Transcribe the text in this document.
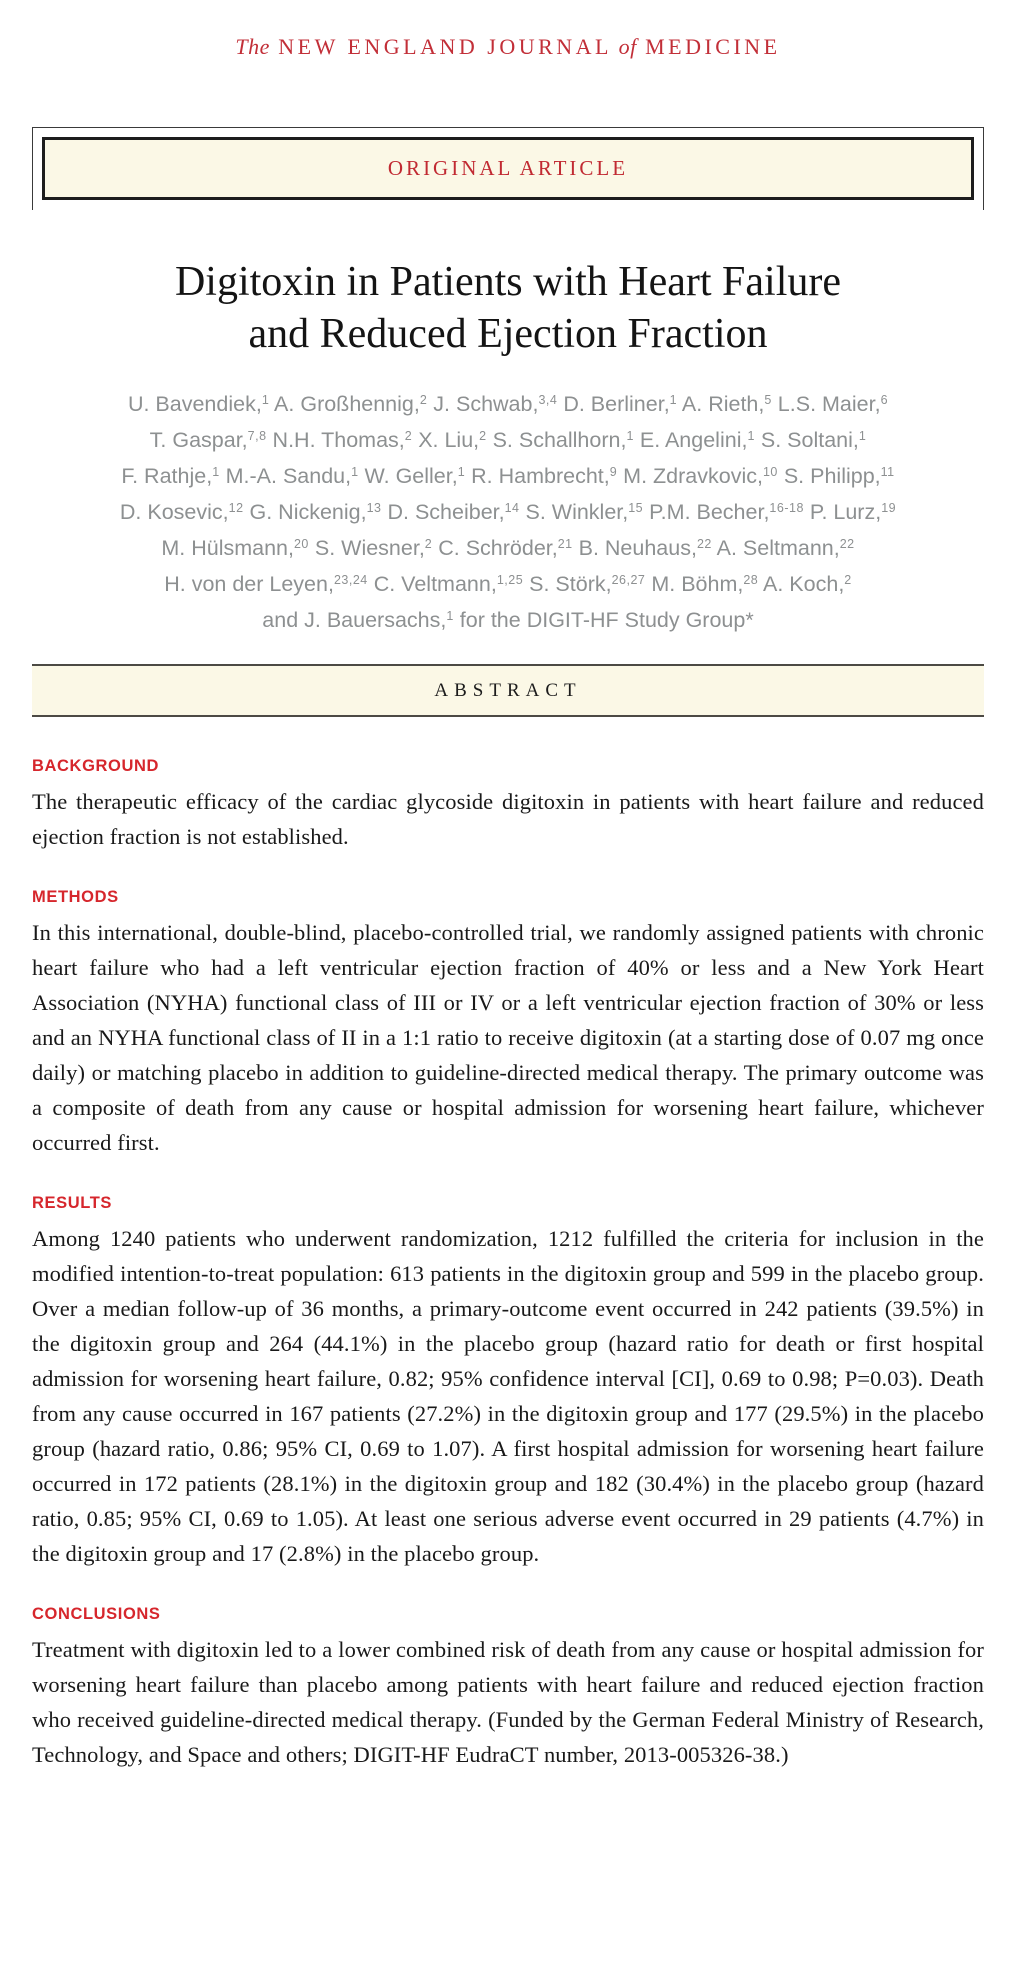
The NEW ENGLAND JOURNAL of MEDICINE
ORIGINAL ARTICLE
Digitoxin in Patients with Heart Failure
and Reduced Ejection Fraction
U. Bavendiek,$^1$ A. Großhennig,$^2$ J. Schwab,$^{3,4}$ D. Berliner,$^1$ A. Rieth,$^5$ L.S. Maier,$^6$
T. Gaspar,$^{7,8}$ N.H. Thomas,$^2$ X. Liu,$^2$ S. Schallhorn,$^1$ E. Angelini,$^1$ S. Soltani,$^1$
F. Rathje,$^1$ M.-A. Sandu,$^1$ W. Geller,$^1$ R. Hambrecht,$^9$ M. Zdravkovic,$^{10}$ S. Philipp,$^{11}$
D. Kosevic,$^{12}$ G. Nickenig,$^{13}$ D. Scheiber,$^{14}$ S. Winkler,$^{15}$ P.M. Becher,$^{16-18}$ P. Lurz,$^{19}$
M. Hülsmann,$^{20}$ S. Wiesner,$^2$ C. Schröder,$^{21}$ B. Neuhaus,$^{22}$ A. Seltmann,$^{22}$
H. von der Leyen,$^{23,24}$ C. Veltmann,$^{1,25}$ S. Störk,$^{26,27}$ M. Böhm,$^{28}$ A. Koch,$^2$
and J. Bauersachs,$^1$ for the DIGIT-HF Study Group*
ABSTRACT
BACKGROUND

The therapeutic efficacy of the cardiac glycoside digitoxin in patients with heart failure and reduced ejection fraction is not established.

METHODS

In this international, double-blind, placebo-controlled trial, we randomly assigned patients with chronic heart failure who had a left ventricular ejection fraction of 40% or less and a New York Heart Association (NYHA) functional class of III or IV or a left ventricular ejection fraction of 30% or less and an NYHA functional class of II in a 1:1 ratio to receive digitoxin (at a starting dose of 0.07 mg once daily) or matching placebo in addition to guideline-directed medical therapy. The primary outcome was a composite of death from any cause or hospital admission for worsening heart failure, whichever occurred first.

RESULTS

Among 1240 patients who underwent randomization, 1212 fulfilled the criteria for inclusion in the modified intention-to-treat population: 613 patients in the digitoxin group and 599 in the placebo group. Over a median follow-up of 36 months, a primary-outcome event occurred in 242 patients (39.5%) in the digitoxin group and 264 (44.1%) in the placebo group (hazard ratio for death or first hospital admission for worsening heart failure, 0.82; 95% confidence interval [CI], 0.69 to 0.98; P=0.03). Death from any cause occurred in 167 patients (27.2%) in the digitoxin group and 177 (29.5%) in the placebo group (hazard ratio, 0.86; 95% CI, 0.69 to 1.07). A first hospital admission for worsening heart failure occurred in 172 patients (28.1%) in the digitoxin group and 182 (30.4%) in the placebo group (hazard ratio, 0.85; 95% CI, 0.69 to 1.05). At least one serious adverse event occurred in 29 patients (4.7%) in the digitoxin group and 17 (2.8%) in the placebo group.

CONCLUSIONS

Treatment with digitoxin led to a lower combined risk of death from any cause or hospital admission for worsening heart failure than placebo among patients with heart failure and reduced ejection fraction who received guideline-directed medical therapy. (Funded by the German Federal Ministry of Research, Technology, and Space and others; DIGIT-HF EudraCT number, 2013-005326-38.)
